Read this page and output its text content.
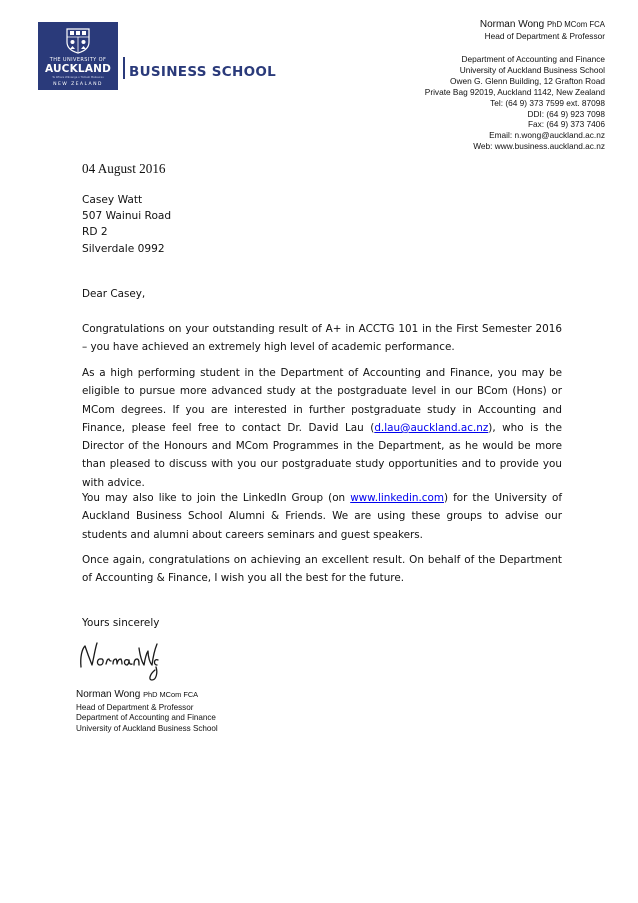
THE UNIVERSITY OF
AUCKLAND
Te Whare Wānanga o Tāmaki Makaurau
NEW ZEALAND
BUSINESS SCHOOL
Norman Wong PhD MCom FCA
Head of Department & Professor
Department of Accounting and Finance
University of Auckland Business School
Owen G. Glenn Building, 12 Grafton Road
Private Bag 92019, Auckland 1142, New Zealand
Tel: (64 9) 373 7599 ext. 87098
DDI: (64 9) 923 7098
Fax: (64 9) 373 7406
Email: n.wong@auckland.ac.nz
Web: www.business.auckland.ac.nz
04 August 2016
Casey Watt
507 Wainui Road
RD 2
Silverdale 0992
Dear Casey,
Congratulations on your outstanding result of A+ in ACCTG 101 in the First Semester 2016 – you have achieved an extremely high level of academic performance.
As a high performing student in the Department of Accounting and Finance, you may be eligible to pursue more advanced study at the postgraduate level in our BCom (Hons) or MCom degrees. If you are interested in further postgraduate study in Accounting and Finance, please feel free to contact Dr. David Lau (d.lau@auckland.ac.nz), who is the Director of the Honours and MCom Programmes in the Department, as he would be more than pleased to discuss with you our postgraduate study opportunities and to provide you with advice.
You may also like to join the LinkedIn Group (on www.linkedin.com) for the University of Auckland Business School Alumni & Friends. We are using these groups to advise our students and alumni about careers seminars and guest speakers.
Once again, congratulations on achieving an excellent result. On behalf of the Department of Accounting & Finance, I wish you all the best for the future.
Yours sincerely
Norman Wong PhD MCom FCA
Head of Department & Professor
Department of Accounting and Finance
University of Auckland Business School
